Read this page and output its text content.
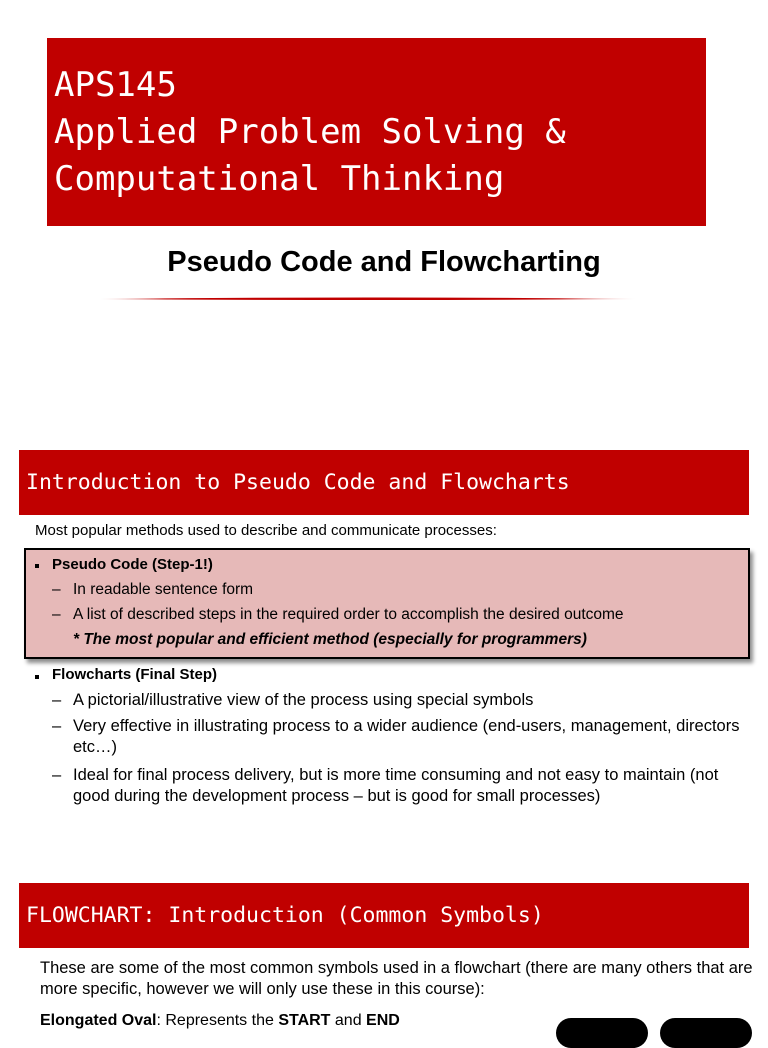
APS145
Applied Problem Solving &
Computational Thinking
Pseudo Code and Flowcharting
Introduction to Pseudo Code and Flowcharts
Most popular methods used to describe and communicate processes:
Pseudo Code (Step-1!)
– In readable sentence form
– A list of described steps in the required order to accomplish the desired outcome
* The most popular and efficient method (especially for programmers)
Flowcharts (Final Step)
– A pictorial/illustrative view of the process using special symbols
– Very effective in illustrating process to a wider audience (end-users, management, directors etc…)
– Ideal for final process delivery, but is more time consuming and not easy to maintain (not good during the development process – but is good for small processes)
FLOWCHART: Introduction (Common Symbols)
These are some of the most common symbols used in a flowchart (there are many others that are more specific, however we will only use these in this course):
Elongated Oval: Represents the START and END
